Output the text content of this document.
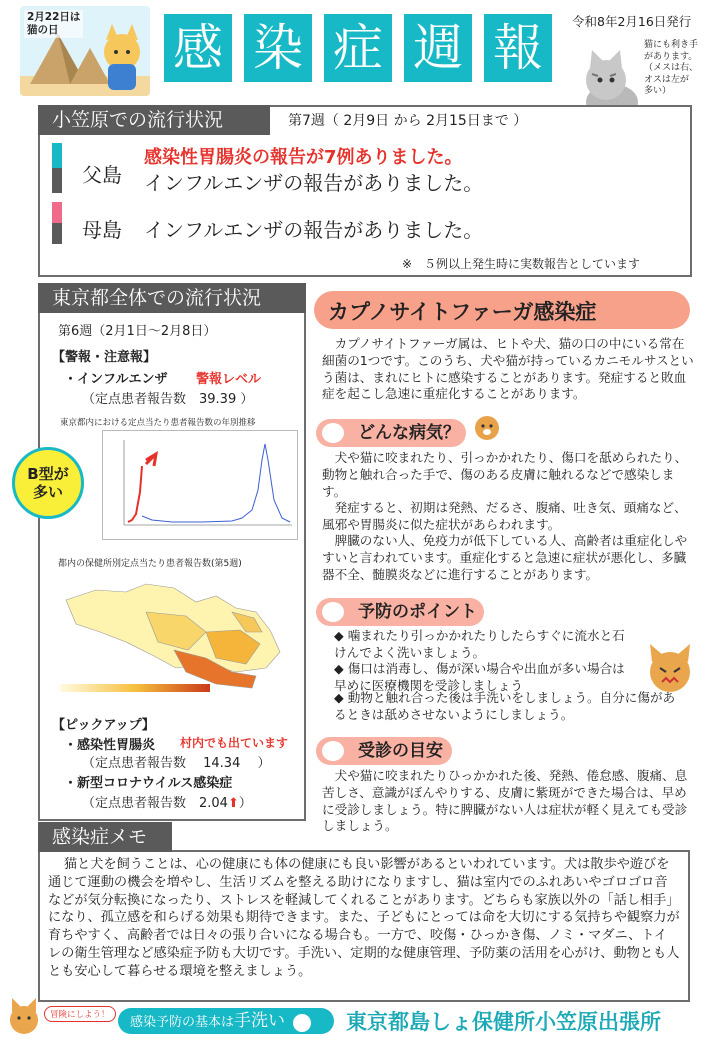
2月22日は
猫の日	感 染 症 週 報	令和8年2月16日発行
猫にも利き手
があります。
（メスは右、
オスは左が
多い）
小笠原での流行状況	第7週（ 2月9日 から 2月15日まで ）
父島
感染性胃腸炎の報告が7例ありました。
インフルエンザの報告がありました。
母島 インフルエンザの報告がありました。
※　５例以上発生時に実数報告としています
東京都全体での流行状況
第6週（2月1日〜2月8日）
【警報・注意報】
・インフルエンザ 警報レベル
（定点患者報告数　39.39 ）
東京都内における定点当たり患者報告数の年別推移
B型が
多い
都内の保健所別定点当たり患者報告数(第5週)
【ピックアップ】
・感染性胃腸炎 村内でも出ています
（定点患者報告数　 14.34　 ）
・新型コロナウイルス感染症
（定点患者報告数　2.04⬆）
カプノサイトファーガ感染症
カプノサイトファーガ属は、ヒトや犬、猫の口の中にいる常在細菌の1つです。このうち、犬や猫が持っているカニモルサスという菌は、まれにヒトに感染することがあります。発症すると敗血症を起こし急速に重症化することがあります。
どんな病気？
犬や猫に咬まれたり、引っかかれたり、傷口を舐められたり、動物と触れ合った手で、傷のある皮膚に触れるなどで感染します。
発症すると、初期は発熱、だるさ、腹痛、吐き気、頭痛など、風邪や胃腸炎に似た症状があらわれます。
脾臓のない人、免疫力が低下している人、高齢者は重症化しやすいと言われています。重症化すると急速に症状が悪化し、多臓器不全、髄膜炎などに進行することがあります。
予防のポイント
◆ 噛まれたり引っかかれたりしたらすぐに流水と石けんでよく洗いましょう。
◆ 傷口は消毒し、傷が深い場合や出血が多い場合は早めに医療機関を受診しましょう
◆ 動物と触れ合った後は手洗いをしましょう。自分に傷があるときは舐めさせないようにしましょう。
受診の目安
犬や猫に咬まれたりひっかかれた後、発熱、倦怠感、腹痛、息苦しさ、意識がぼんやりする、皮膚に紫斑ができた場合は、早めに受診しましょう。特に脾臓がない人は症状が軽く見えても受診しましょう。
感染症メモ
猫と犬を飼うことは、心の健康にも体の健康にも良い影響があるといわれています。犬は散歩や遊びを通じて運動の機会を増やし、生活リズムを整える助けになりますし、猫は室内でのふれあいやゴロゴロ音などが気分転換になったり、ストレスを軽減してくれることがあります。どちらも家族以外の「話し相手」になり、孤立感を和らげる効果も期待できます。また、子どもにとっては命を大切にする気持ちや観察力が育ちやすく、高齢者では日々の張り合いになる場合も。一方で、咬傷・ひっかき傷、ノミ・マダニ、トイレの衛生管理など感染症予防も大切です。手洗い、定期的な健康管理、予防薬の活用を心がけ、動物とも人とも安心して暮らせる環境を整えましょう。
冒険にしよう！	感染予防の基本は手洗い	東京都島しょ保健所小笠原出張所
